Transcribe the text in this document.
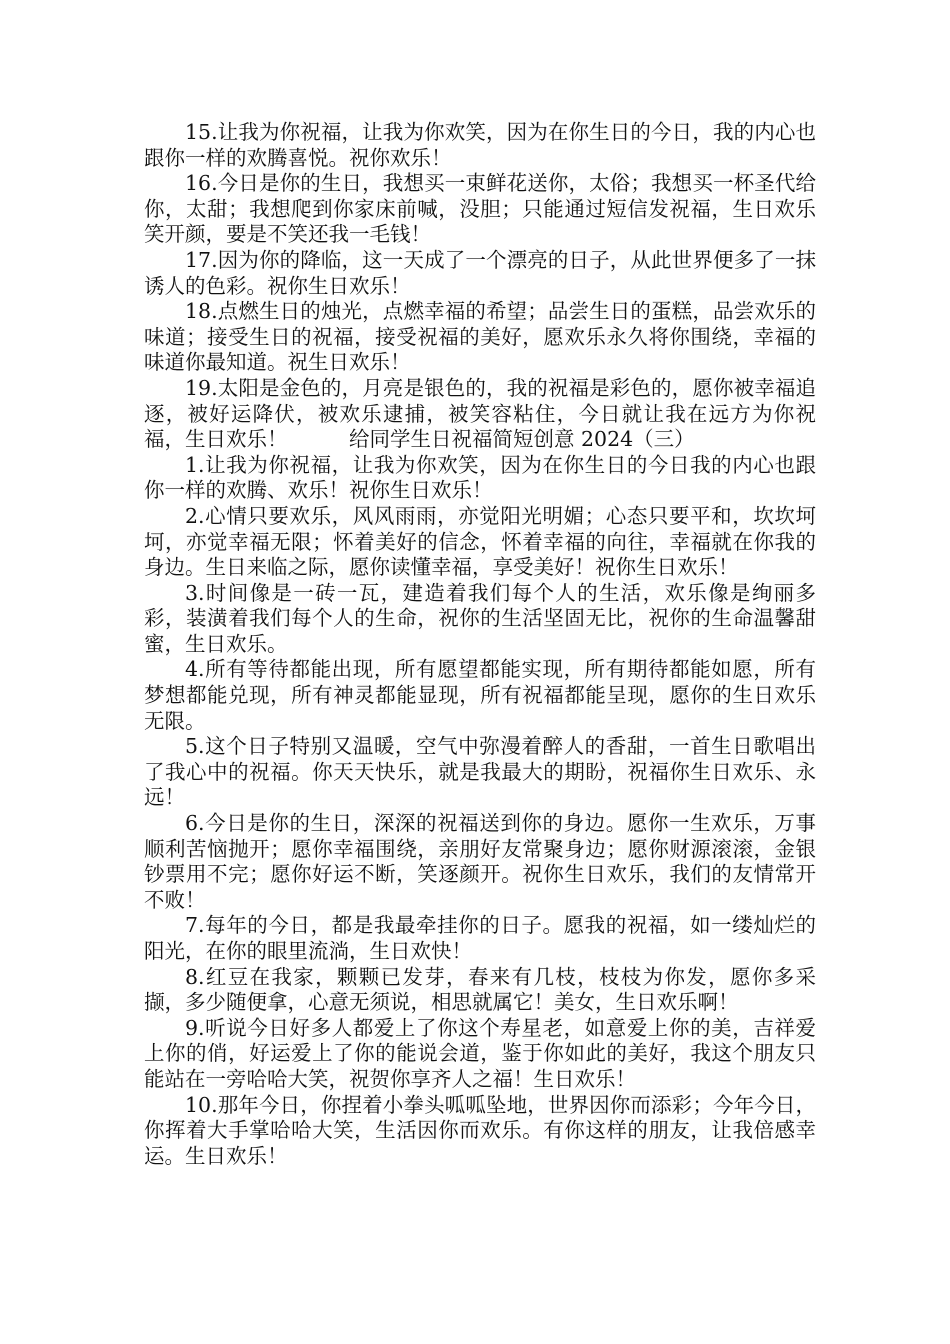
15.让我为你祝福，让我为你欢笑，因为在你生日的今日，我的内心也跟你一样的欢腾喜悦。祝你欢乐！

16.今日是你的生日，我想买一束鲜花送你，太俗；我想买一杯圣代给你，太甜；我想爬到你家床前喊，没胆；只能通过短信发祝福，生日欢乐笑开颜，要是不笑还我一毛钱！

17.因为你的降临，这一天成了一个漂亮的日子，从此世界便多了一抹诱人的色彩。祝你生日欢乐！

18.点燃生日的烛光，点燃幸福的希望；品尝生日的蛋糕，品尝欢乐的味道；接受生日的祝福，接受祝福的美好，愿欢乐永久将你围绕，幸福的味道你最知道。祝生日欢乐！

19.太阳是金色的，月亮是银色的，我的祝福是彩色的，愿你被幸福追逐，被好运降伏，被欢乐逮捕，被笑容粘住，今日就让我在远方为你祝福，生日欢乐！　　　给同学生日祝福简短创意 2024（三）

1.让我为你祝福，让我为你欢笑，因为在你生日的今日我的内心也跟你一样的欢腾、欢乐！祝你生日欢乐！

2.心情只要欢乐，风风雨雨，亦觉阳光明媚；心态只要平和，坎坎坷坷，亦觉幸福无限；怀着美好的信念，怀着幸福的向往，幸福就在你我的身边。生日来临之际，愿你读懂幸福，享受美好！祝你生日欢乐！

3.时间像是一砖一瓦，建造着我们每个人的生活，欢乐像是绚丽多彩，装潢着我们每个人的生命，祝你的生活坚固无比，祝你的生命温馨甜蜜，生日欢乐。

4.所有等待都能出现，所有愿望都能实现，所有期待都能如愿，所有梦想都能兑现，所有神灵都能显现，所有祝福都能呈现，愿你的生日欢乐无限。

5.这个日子特别又温暖，空气中弥漫着醉人的香甜，一首生日歌唱出了我心中的祝福。你天天快乐，就是我最大的期盼，祝福你生日欢乐、永远！

6.今日是你的生日，深深的祝福送到你的身边。愿你一生欢乐，万事顺利苦恼抛开；愿你幸福围绕，亲朋好友常聚身边；愿你财源滚滚，金银钞票用不完；愿你好运不断，笑逐颜开。祝你生日欢乐，我们的友情常开不败！

7.每年的今日，都是我最牵挂你的日子。愿我的祝福，如一缕灿烂的阳光，在你的眼里流淌，生日欢快！

8.红豆在我家，颗颗已发芽，春来有几枝，枝枝为你发，愿你多采撷，多少随便拿，心意无须说，相思就属它！美女，生日欢乐啊！

9.听说今日好多人都爱上了你这个寿星老，如意爱上你的美，吉祥爱上你的俏，好运爱上了你的能说会道，鉴于你如此的美好，我这个朋友只能站在一旁哈哈大笑，祝贺你享齐人之福！生日欢乐！

10.那年今日，你捏着小拳头呱呱坠地，世界因你而添彩；今年今日，你挥着大手掌哈哈大笑，生活因你而欢乐。有你这样的朋友，让我倍感幸运。生日欢乐！
